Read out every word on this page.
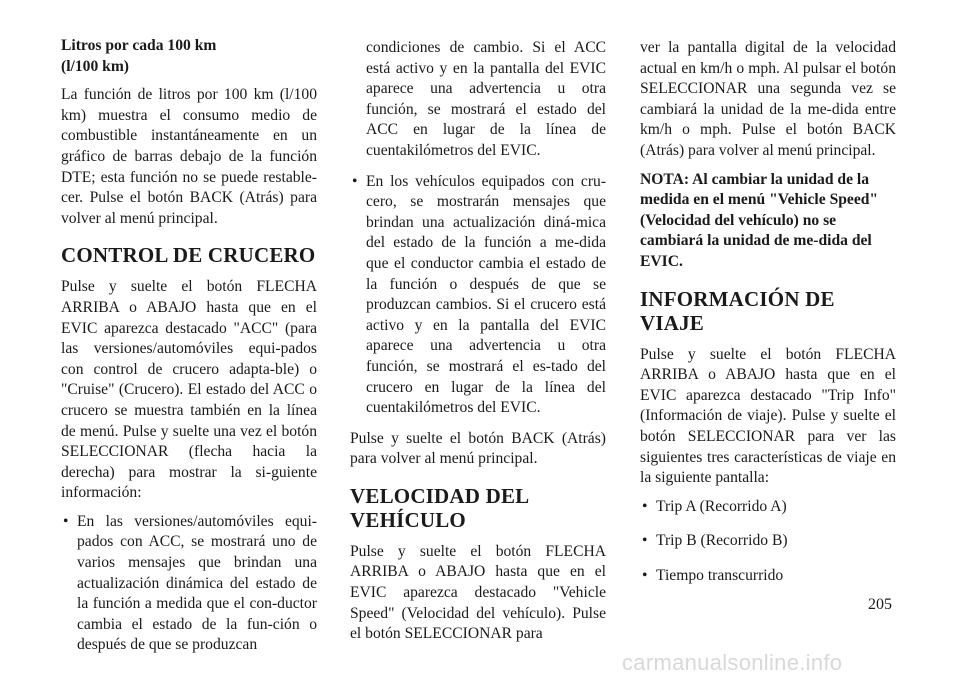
Litros por cada 100 km
(l/100 km)

La función de litros por 100 km (l/100 km) muestra el consumo medio de combustible instantáneamente en un gráfico de barras debajo de la función DTE; esta función no se puede restable-cer. Pulse el botón BACK (Atrás) para volver al menú principal.

CONTROL DE CRUCERO

Pulse y suelte el botón FLECHA ARRIBA o ABAJO hasta que en el EVIC aparezca destacado "ACC" (para las versiones/automóviles equi-pados con control de crucero adapta-ble) o "Cruise" (Crucero). El estado del ACC o crucero se muestra también en la línea de menú. Pulse y suelte una vez el botón SELECCIONAR (flecha hacia la derecha) para mostrar la si-guiente información:

• En las versiones/automóviles equi-pados con ACC, se mostrará uno de varios mensajes que brindan una actualización dinámica del estado de la función a medida que el con-ductor cambia el estado de la fun-ción o después de que se produzcan

condiciones de cambio. Si el ACC está activo y en la pantalla del EVIC aparece una advertencia u otra función, se mostrará el estado del ACC en lugar de la línea de cuentakilómetros del EVIC.

• En los vehículos equipados con cru-cero, se mostrarán mensajes que brindan una actualización diná-mica del estado de la función a me-dida que el conductor cambia el estado de la función o después de que se produzcan cambios. Si el crucero está activo y en la pantalla del EVIC aparece una advertencia u otra función, se mostrará el es-tado del crucero en lugar de la línea del cuentakilómetros del EVIC.

Pulse y suelte el botón BACK (Atrás) para volver al menú principal.

VELOCIDAD DEL
VEHÍCULO

Pulse y suelte el botón FLECHA ARRIBA o ABAJO hasta que en el EVIC aparezca destacado "Vehicle Speed" (Velocidad del vehículo). Pulse el botón SELECCIONAR para

ver la pantalla digital de la velocidad actual en km/h o mph. Al pulsar el botón SELECCIONAR una segunda vez se cambiará la unidad de la me-dida entre km/h o mph. Pulse el botón BACK (Atrás) para volver al menú principal.

NOTA: Al cambiar la unidad de la medida en el menú "Vehicle Speed" (Velocidad del vehículo) no se cambiará la unidad de me-dida del EVIC.

INFORMACIÓN DE VIAJE

Pulse y suelte el botón FLECHA ARRIBA o ABAJO hasta que en el EVIC aparezca destacado "Trip Info" (Información de viaje). Pulse y suelte el botón SELECCIONAR para ver las siguientes tres características de viaje en la siguiente pantalla:

• Trip A (Recorrido A)
• Trip B (Recorrido B)
• Tiempo transcurrido
205
carmanualsonline.info
